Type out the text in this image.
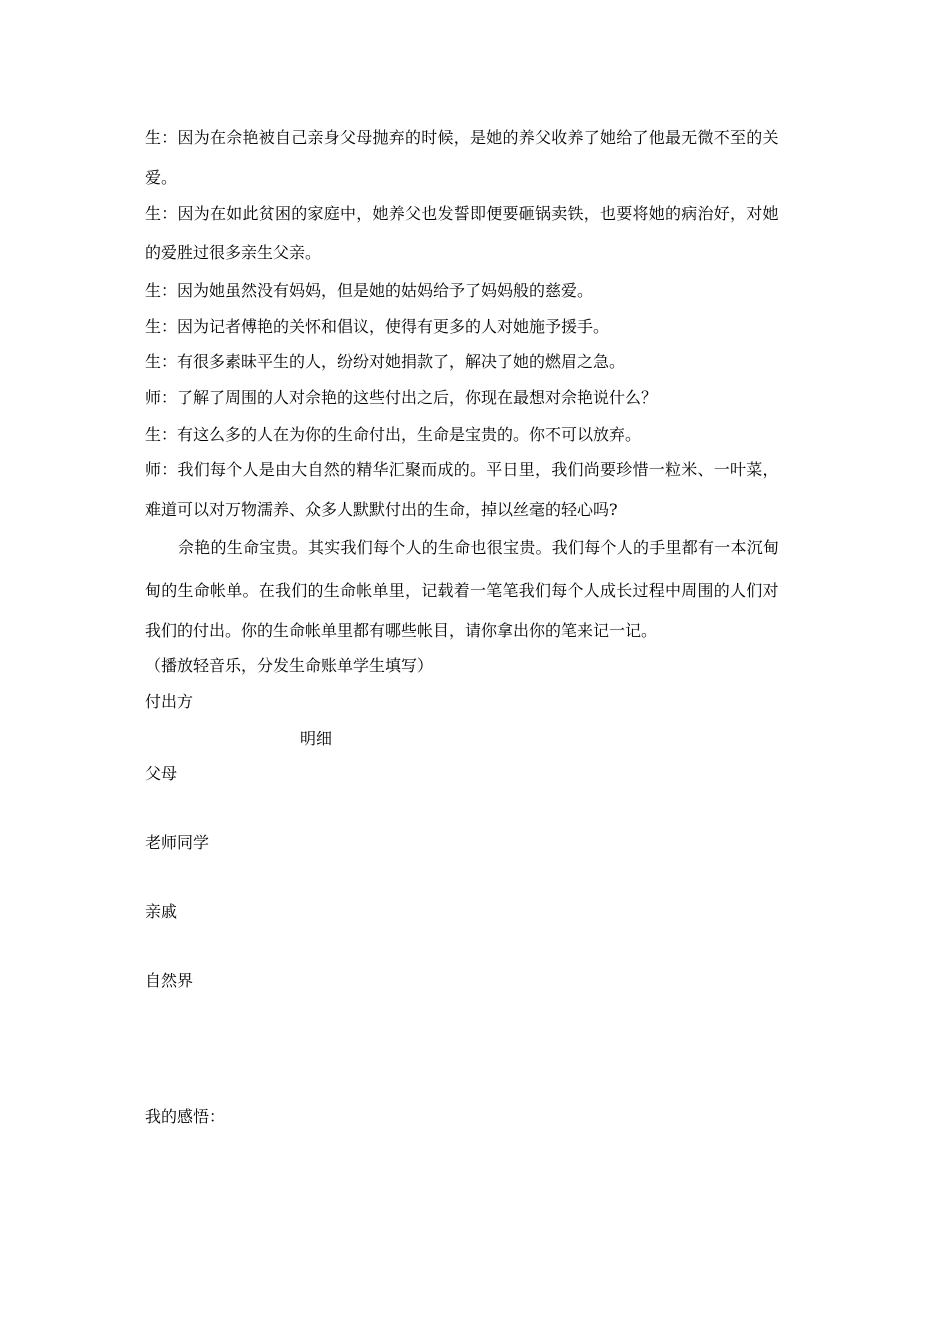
生：因为在佘艳被自己亲身父母抛弃的时候，是她的养父收养了她给了他最无微不至的关
爱。
生：因为在如此贫困的家庭中，她养父也发誓即便要砸锅卖铁，也要将她的病治好，对她
的爱胜过很多亲生父亲。
生：因为她虽然没有妈妈，但是她的姑妈给予了妈妈般的慈爱。
生：因为记者傅艳的关怀和倡议，使得有更多的人对她施予援手。
生：有很多素昧平生的人，纷纷对她捐款了，解决了她的燃眉之急。
师：了解了周围的人对佘艳的这些付出之后，你现在最想对佘艳说什么？
生：有这么多的人在为你的生命付出，生命是宝贵的。你不可以放弃。
师：我们每个人是由大自然的精华汇聚而成的。平日里，我们尚要珍惜一粒米、一叶菜，
难道可以对万物濡养、众多人默默付出的生命，掉以丝毫的轻心吗?
佘艳的生命宝贵。其实我们每个人的生命也很宝贵。我们每个人的手里都有一本沉甸
甸的生命帐单。在我们的生命帐单里，记载着一笔笔我们每个人成长过程中周围的人们对
我们的付出。你的生命帐单里都有哪些帐目，请你拿出你的笔来记一记。
（播放轻音乐，分发生命账单学生填写）
付出方
明细
父母
老师同学
亲戚
自然界
我的感悟：
